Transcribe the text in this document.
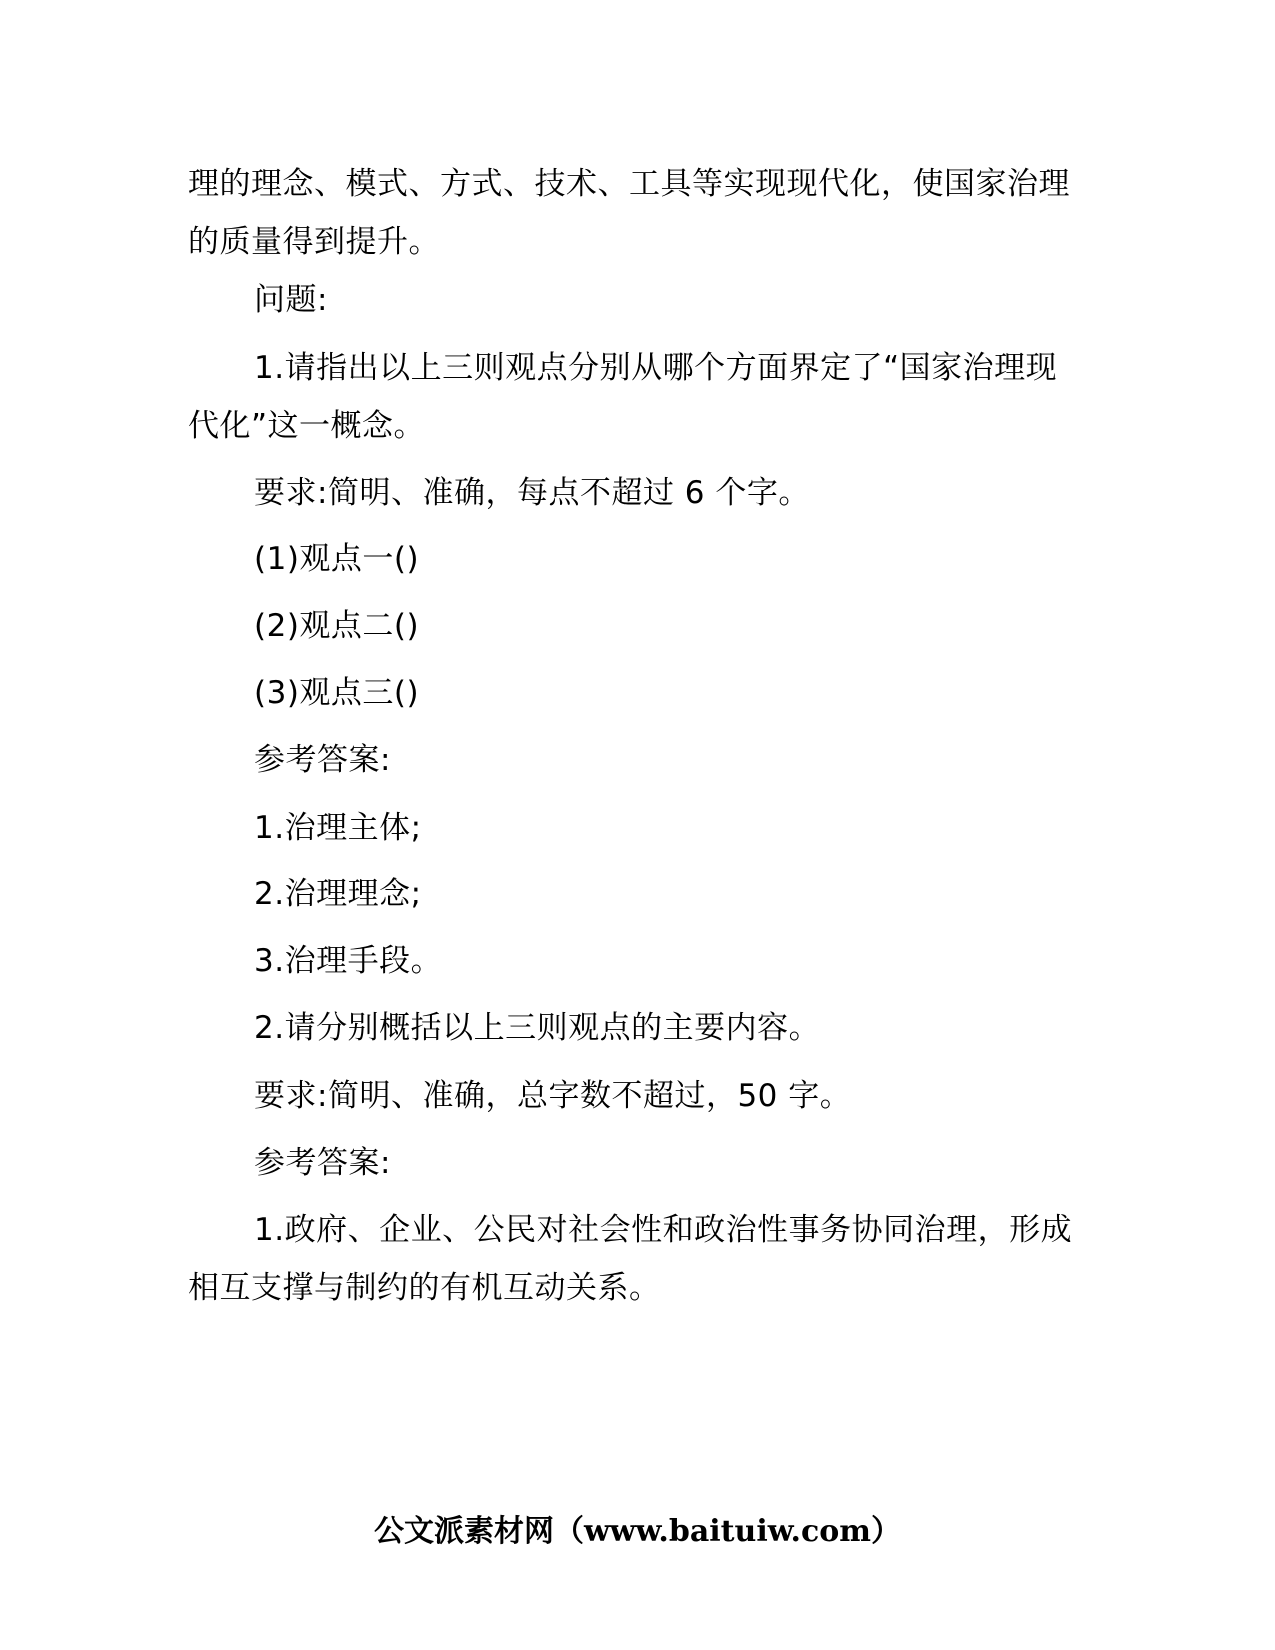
理的理念、模式、方式、技术、工具等实现现代化，使国家治理的质量得到提升。

问题:

1.请指出以上三则观点分别从哪个方面界定了“国家治理现代化”这一概念。

要求:简明、准确，每点不超过 6 个字。

(1)观点一()

(2)观点二()

(3)观点三()

参考答案:

1.治理主体;

2.治理理念;

3.治理手段。

2.请分别概括以上三则观点的主要内容。

要求:简明、准确，总字数不超过，50 字。

参考答案:

1.政府、企业、公民对社会性和政治性事务协同治理，形成相互支撑与制约的有机互动关系。

公文派素材网（www.baituiw.com）
